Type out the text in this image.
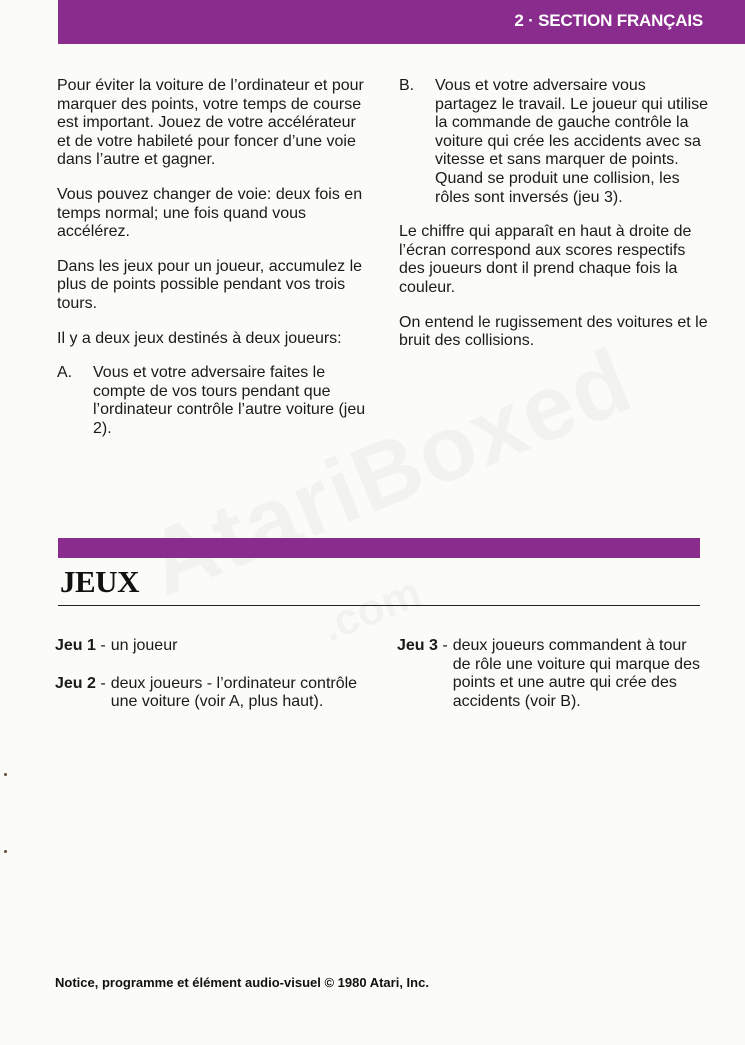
2 · SECTION FRANÇAIS

Pour éviter la voiture de l’ordinateur et pour marquer des points, votre temps de course est important. Jouez de votre accélérateur et de votre habileté pour foncer d’une voie dans l’autre et gagner.

Vous pouvez changer de voie: deux fois en temps normal; une fois quand vous accélérez.

Dans les jeux pour un joueur, accumulez le plus de points possible pendant vos trois tours.

Il y a deux jeux destinés à deux joueurs:

A.	Vous et votre adversaire faites le compte de vos tours pendant que l’ordinateur contrôle l’autre voiture (jeu 2).
B.	Vous et votre adversaire vous partagez le travail. Le joueur qui utilise la commande de gauche contrôle la voiture qui crée les accidents avec sa vitesse et sans marquer de points. Quand se produit une collision, les rôles sont inversés (jeu 3).

Le chiffre qui apparaît en haut à droite de l’écran correspond aux scores respectifs des joueurs dont il prend chaque fois la couleur.

On entend le rugissement des voitures et le bruit des collisions.

JEUX
Jeu 1 - un joueur
Jeu 2 - deux joueurs - l’ordinateur contrôle une voiture (voir A, plus haut).
Jeu 3 - deux joueurs commandent à tour de rôle une voiture qui marque des points et une autre qui crée des accidents (voir B).
Notice, programme et élément audio-visuel © 1980 Atari, Inc.
